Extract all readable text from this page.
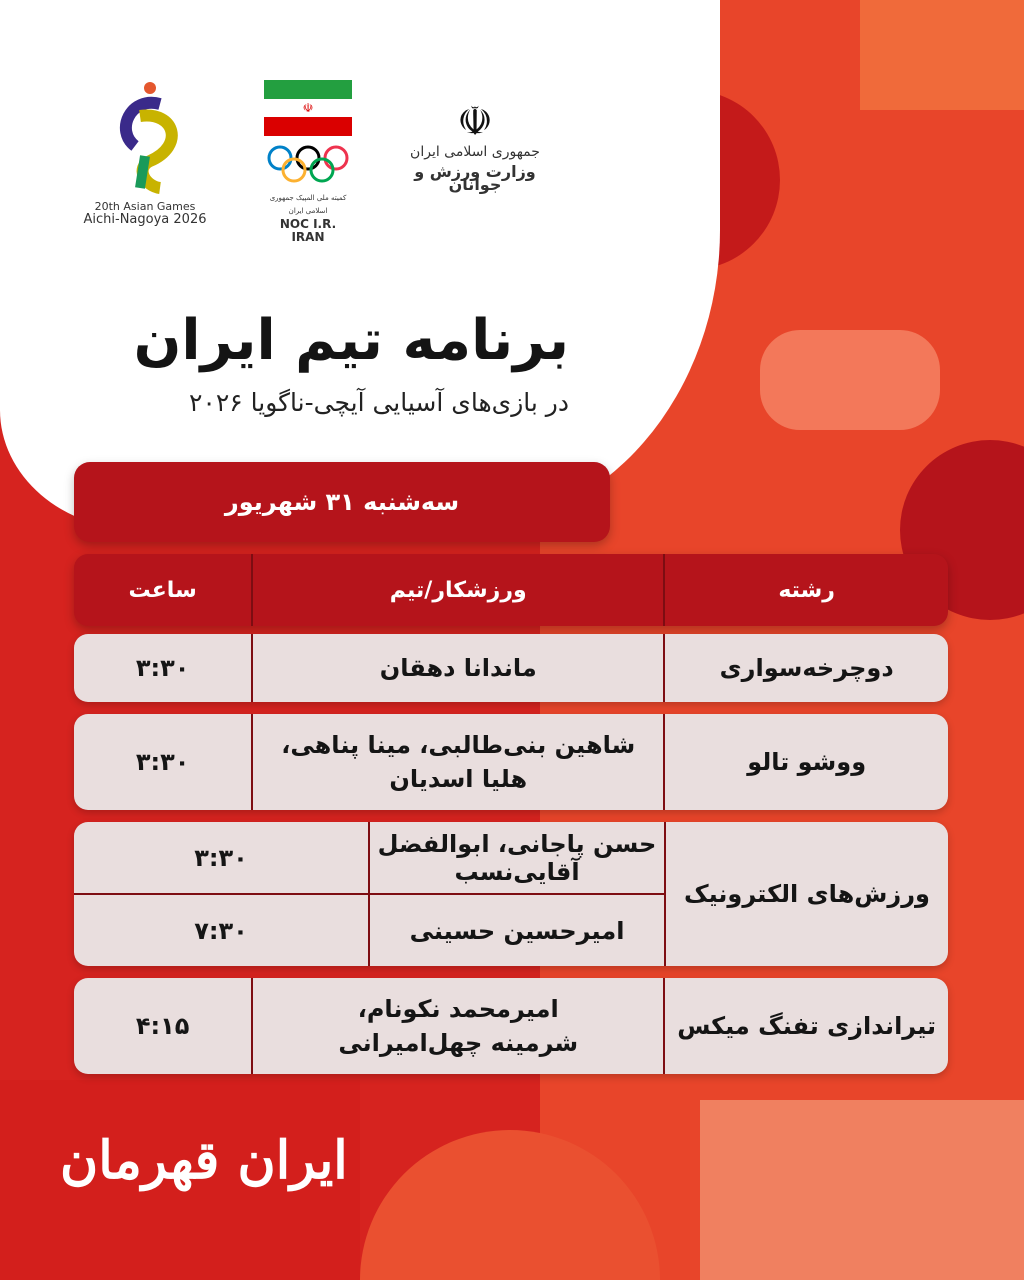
20th Asian Games
Aichi-Nagoya 2026
☫
کمیته ملی المپیک جمهوری اسلامی ایران
NOC I.R. IRAN
☫
جمهوری اسلامی ایران
وزارت ورزش و جوانان
برنامه تیم ایران
در بازی‌های آسیایی آیچی-ناگویا ۲۰۲۶
سه‌شنبه ۳۱ شهریور
رشته
ورزشکار/تیم
ساعت
دوچرخه‌سواری
ماندانا دهقان
۳:۳۰
ووشو تالو
شاهین بنی‌طالبی، مینا پناهی،
هلیا اسدیان
۳:۳۰
ورزش‌های الکترونیک
حسن پاجانی، ابوالفضل آقایی‌نسب
۳:۳۰
امیرحسین حسینی
۷:۳۰
تیراندازی تفنگ میکس
امیرمحمد نکونام،
شرمینه چهل‌امیرانی
۴:۱۵
ایران قهرمان
